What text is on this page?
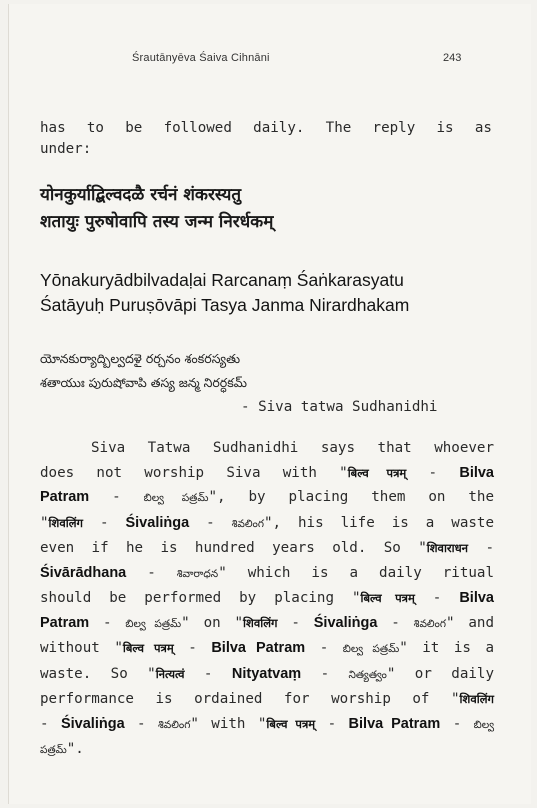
Śrautānyēva Śaiva Cihnāni	243
has to be followed daily. The reply is as
under:
योनकुर्याद्बिल्वदळै रर्चनं शंकरस्यतु
शतायुः पुरुषोवापि तस्य जन्म निरर्धकम्
Yōnakuryādbilvadaḷai Rarcanaṃ Śaṅkarasyatu
Śatāyuḥ Puruṣōvāpi Tasya Janma Nirardhakam
యోనకుర్యాద్బిల్వదళై రర్చనం శంకరస్యతు
శతాయుః పురుషోవాపి తస్య జన్మ నిరర్ధకమ్
- Siva tatwa Sudhanidhi
Siva Tatwa Sudhanidhi says that whoever
does not worship Siva with "बिल्व पत्रम् - Bilva
Patram - బిల్వ పత్రమ్", by placing them on the
"शिवलिंग - Śivaliṅga - శివలింగ", his life is a waste
even if he is hundred years old. So "शिवाराधन -
Śivārādhana - శివారాధన" which is a daily ritual
should be performed by placing "बिल्व पत्रम् - Bilva
Patram - బిల్వ పత్రమ్" on "शिवलिंग - Śivaliṅga - శివలింగ" and
without "बिल्व पत्रम् - Bilva Patram - బిల్వ పత్రమ్" it is a
waste. So "नित्यत्वं - Nityatvaṃ - నిత్యత్వం" or daily
performance is ordained for worship of "शिवलिंग
- Śivaliṅga - శివలింగ" with "बिल्व पत्रम् - Bilva Patram - బిల్వ
పత్రమ్".
